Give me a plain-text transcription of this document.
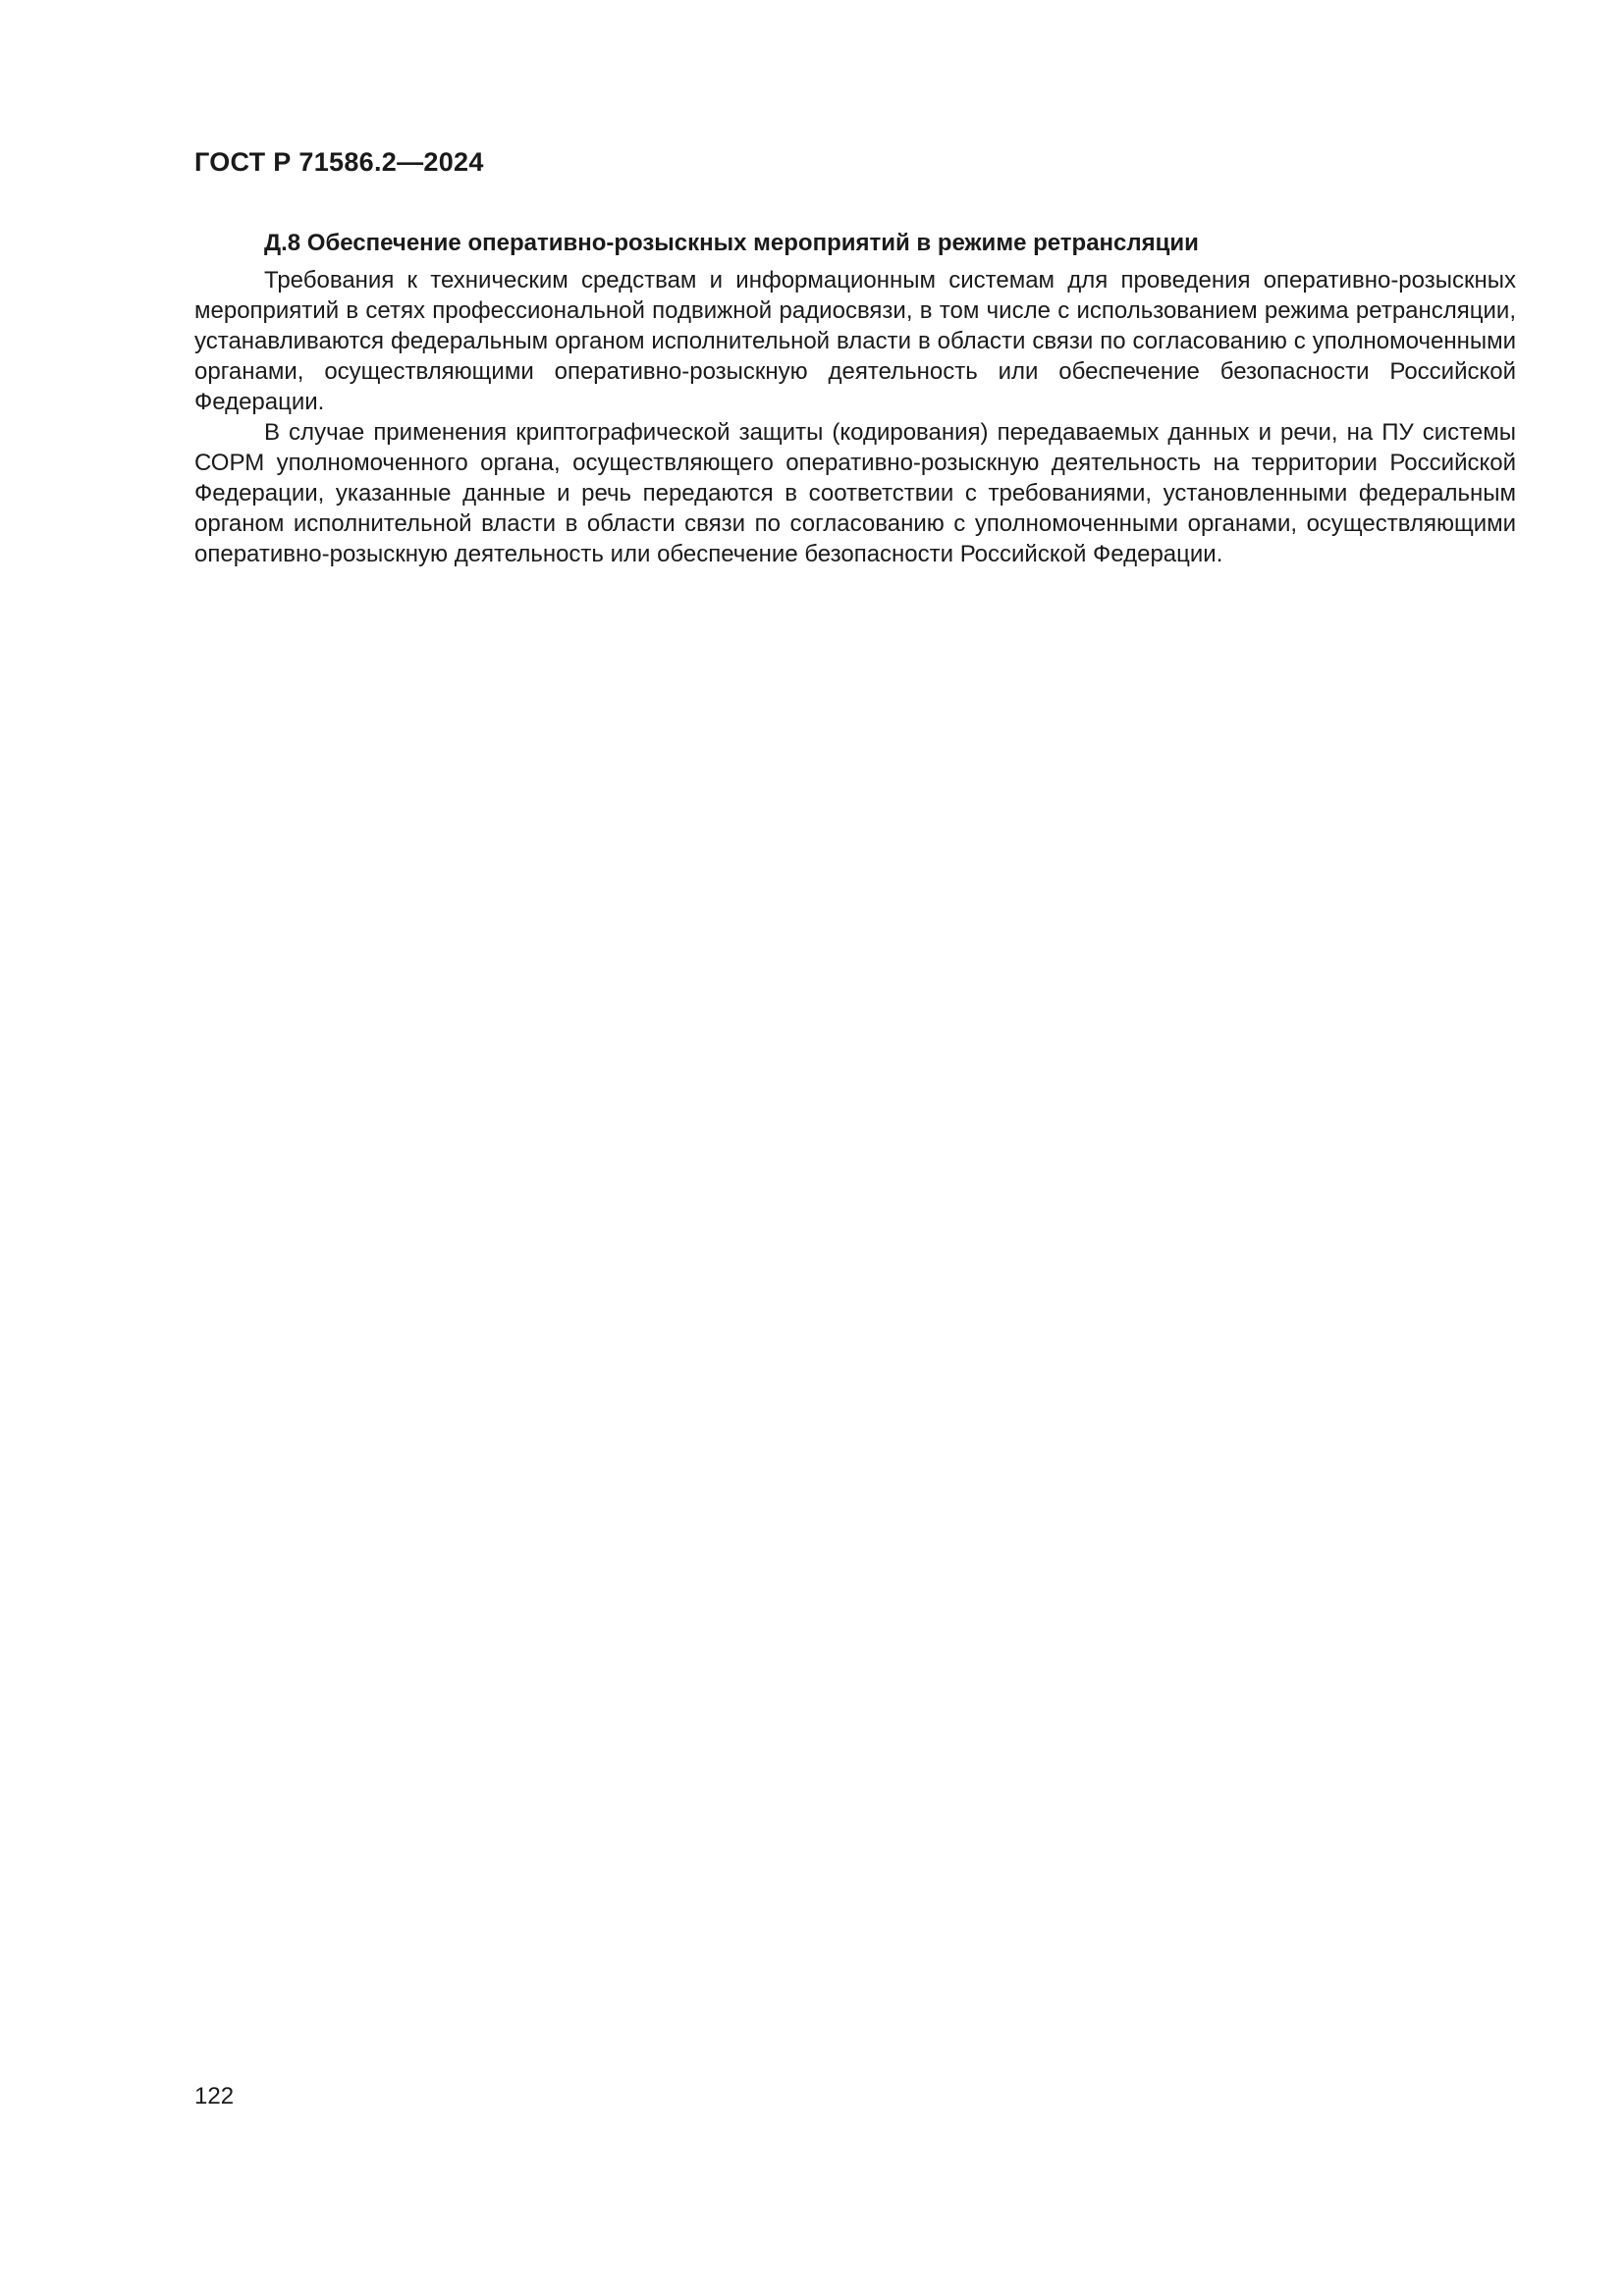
ГОСТ Р 71586.2—2024
Д.8 Обеспечение оперативно-розыскных мероприятий в режиме ретрансляции

Требования к техническим средствам и информационным системам для проведения оперативно-розыскных мероприятий в сетях профессиональной подвижной радиосвязи, в том числе с использованием режима ретрансляции, устанавливаются федеральным органом исполнительной власти в области связи по согласованию с уполномоченными органами, осуществляющими оперативно-розыскную деятельность или обеспечение безопасности Российской Федерации.

В случае применения криптографической защиты (кодирования) передаваемых данных и речи, на ПУ системы СОРМ уполномоченного органа, осуществляющего оперативно-розыскную деятельность на территории Российской Федерации, указанные данные и речь передаются в соответствии с требованиями, установленными федеральным органом исполнительной власти в области связи по согласованию с уполномоченными органами, осуществляющими оперативно-розыскную деятельность или обеспечение безопасности Российской Федерации.

122
